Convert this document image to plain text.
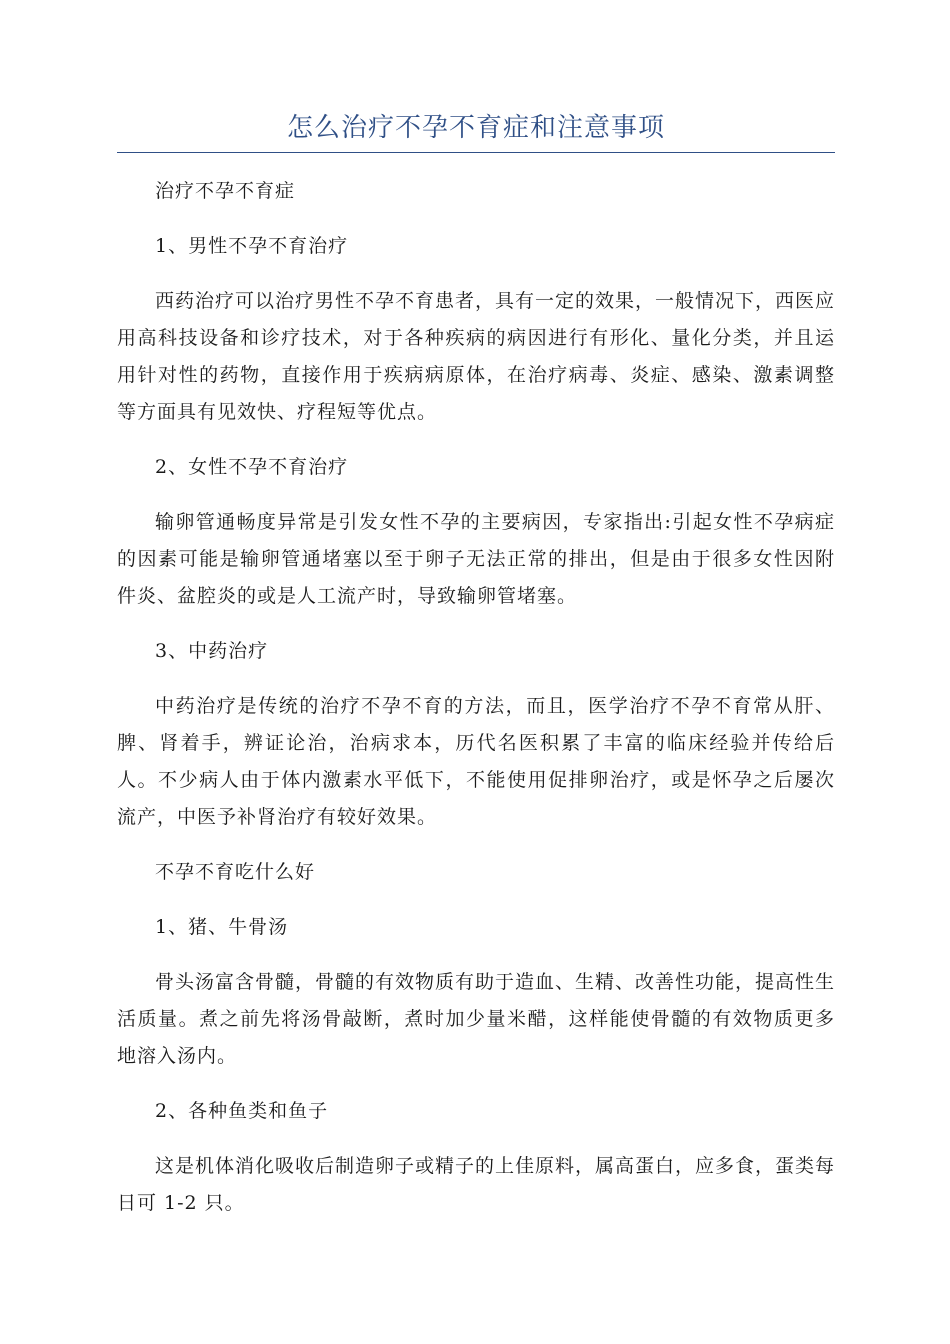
怎么治疗不孕不育症和注意事项

治疗不孕不育症

1、男性不孕不育治疗

西药治疗可以治疗男性不孕不育患者，具有一定的效果，一般情况下，西医应用高科技设备和诊疗技术，对于各种疾病的病因进行有形化、量化分类，并且运用针对性的药物，直接作用于疾病病原体，在治疗病毒、炎症、感染、激素调整等方面具有见效快、疗程短等优点。

2、女性不孕不育治疗

输卵管通畅度异常是引发女性不孕的主要病因，专家指出:引起女性不孕病症的因素可能是输卵管通堵塞以至于卵子无法正常的排出，但是由于很多女性因附件炎、盆腔炎的或是人工流产时，导致输卵管堵塞。

3、中药治疗

中药治疗是传统的治疗不孕不育的方法，而且，医学治疗不孕不育常从肝、脾、肾着手，辨证论治，治病求本，历代名医积累了丰富的临床经验并传给后人。不少病人由于体内激素水平低下，不能使用促排卵治疗，或是怀孕之后屡次流产，中医予补肾治疗有较好效果。

不孕不育吃什么好

1、猪、牛骨汤

骨头汤富含骨髓，骨髓的有效物质有助于造血、生精、改善性功能，提高性生活质量。煮之前先将汤骨敲断，煮时加少量米醋，这样能使骨髓的有效物质更多地溶入汤内。

2、各种鱼类和鱼子

这是机体消化吸收后制造卵子或精子的上佳原料，属高蛋白，应多食，蛋类每日可 1-2 只。
